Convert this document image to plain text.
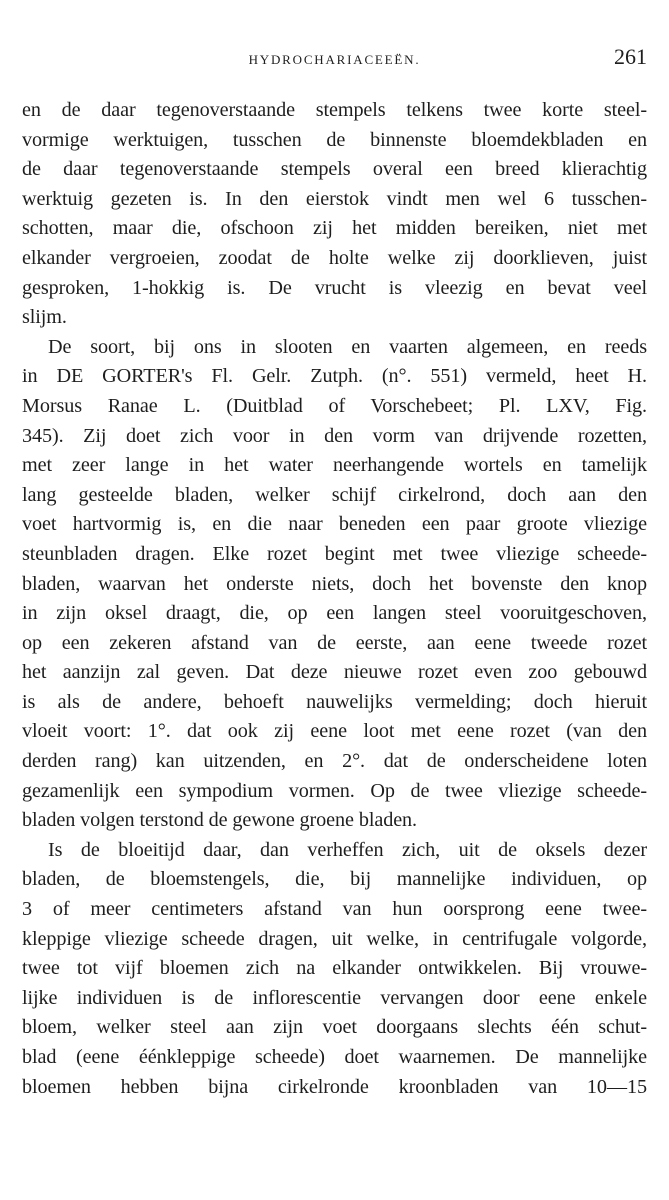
HYDROCHARIACEEËN.	261
en de daar tegenoverstaande stempels telkens twee korte steel-
vormige werktuigen, tusschen de binnenste bloemdekbladen en
de daar tegenoverstaande stempels overal een breed klierachtig
werktuig gezeten is. In den eierstok vindt men wel 6 tusschen-
schotten, maar die, ofschoon zij het midden bereiken, niet met
elkander vergroeien, zoodat de holte welke zij doorklieven, juist
gesproken, 1-hokkig is. De vrucht is vleezig en bevat veel
slijm.
De soort, bij ons in slooten en vaarten algemeen, en reeds
in DE GORTER's Fl. Gelr. Zutph. (n°. 551) vermeld, heet H.
Morsus Ranae L. (Duitblad of Vorschebeet; Pl. LXV, Fig.
345). Zij doet zich voor in den vorm van drijvende rozetten,
met zeer lange in het water neerhangende wortels en tamelijk
lang gesteelde bladen, welker schijf cirkelrond, doch aan den
voet hartvormig is, en die naar beneden een paar groote vliezige
steunbladen dragen. Elke rozet begint met twee vliezige scheede-
bladen, waarvan het onderste niets, doch het bovenste den knop
in zijn oksel draagt, die, op een langen steel vooruitgeschoven,
op een zekeren afstand van de eerste, aan eene tweede rozet
het aanzijn zal geven. Dat deze nieuwe rozet even zoo gebouwd
is als de andere, behoeft nauwelijks vermelding; doch hieruit
vloeit voort: 1°. dat ook zij eene loot met eene rozet (van den
derden rang) kan uitzenden, en 2°. dat de onderscheidene loten
gezamenlijk een sympodium vormen. Op de twee vliezige scheede-
bladen volgen terstond de gewone groene bladen.
Is de bloeitijd daar, dan verheffen zich, uit de oksels dezer
bladen, de bloemstengels, die, bij mannelijke individuen, op
3 of meer centimeters afstand van hun oorsprong eene twee-
kleppige vliezige scheede dragen, uit welke, in centrifugale volgorde,
twee tot vijf bloemen zich na elkander ontwikkelen. Bij vrouwe-
lijke individuen is de inflorescentie vervangen door eene enkele
bloem, welker steel aan zijn voet doorgaans slechts één schut-
blad (eene éénkleppige scheede) doet waarnemen. De mannelijke
bloemen hebben bijna cirkelronde kroonbladen van 10—15
